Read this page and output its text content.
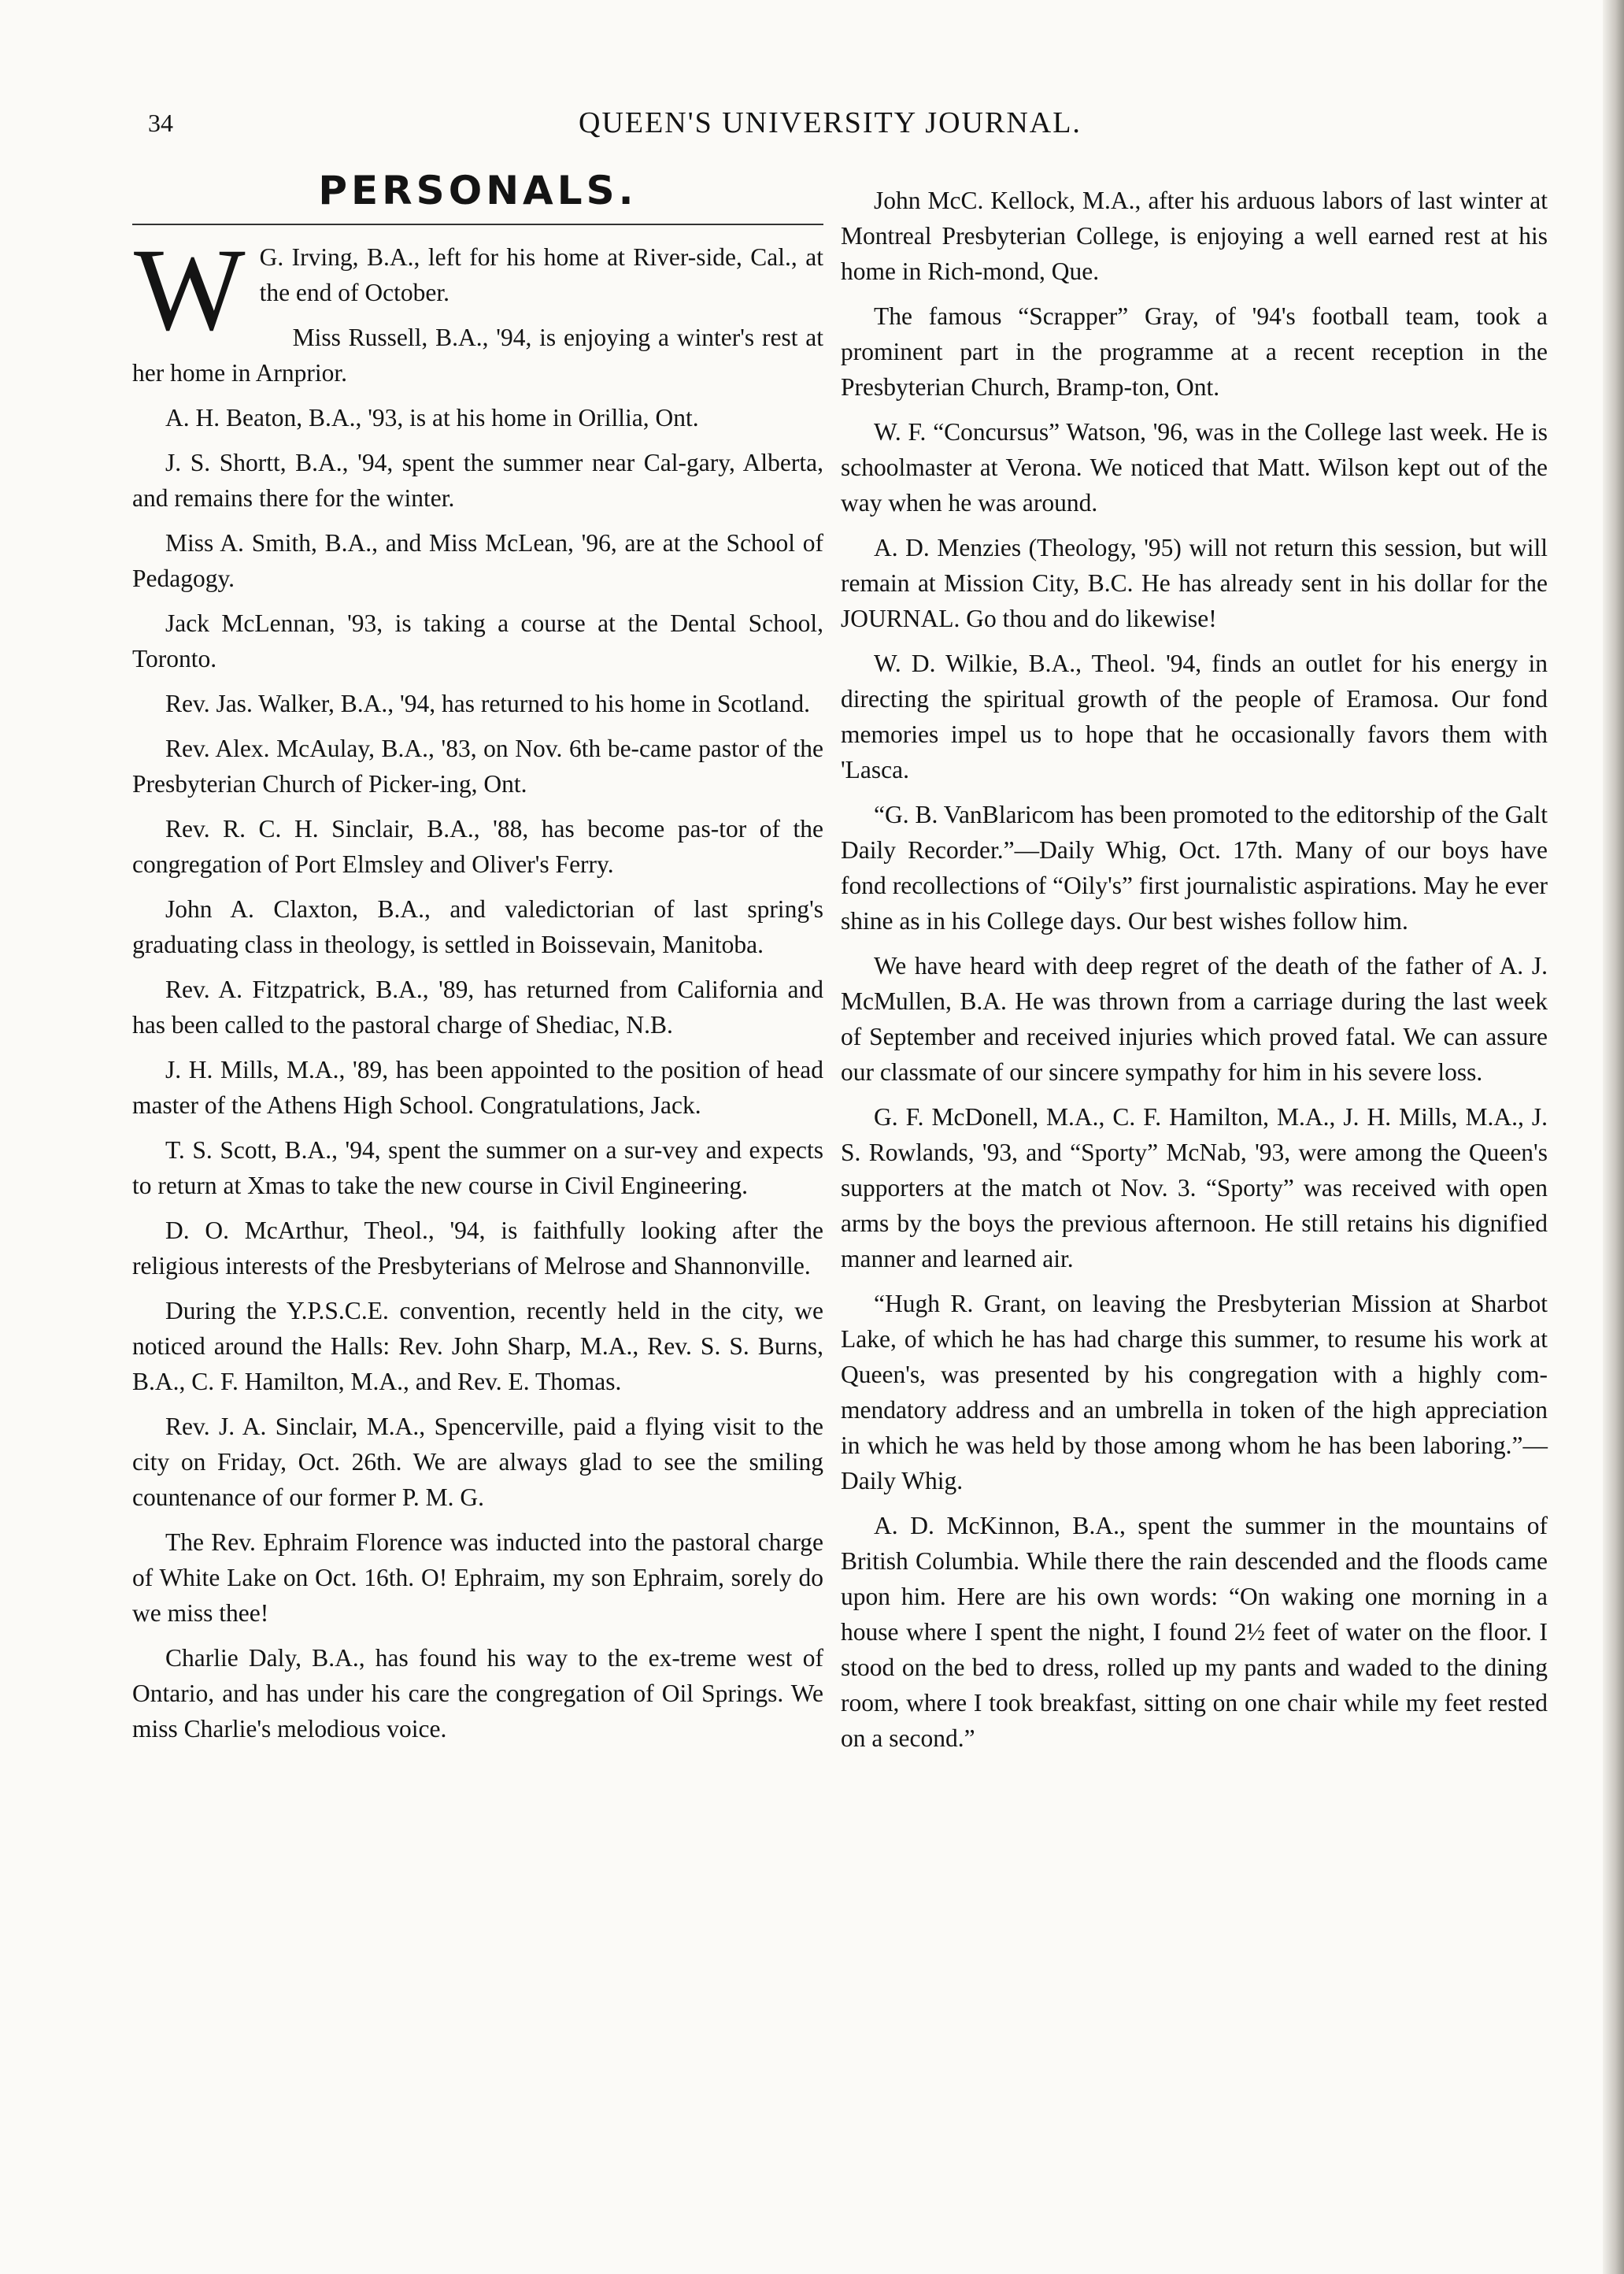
34	QUEEN'S UNIVERSITY JOURNAL.
PERSONALS.

W G. Irving, B.A., left for his home at River-side, Cal., at the end of October.

Miss Russell, B.A., '94, is enjoying a winter's rest at her home in Arnprior.

A. H. Beaton, B.A., '93, is at his home in Orillia, Ont.

J. S. Shortt, B.A., '94, spent the summer near Cal-gary, Alberta, and remains there for the winter.

Miss A. Smith, B.A., and Miss McLean, '96, are at the School of Pedagogy.

Jack McLennan, '93, is taking a course at the Dental School, Toronto.

Rev. Jas. Walker, B.A., '94, has returned to his home in Scotland.

Rev. Alex. McAulay, B.A., '83, on Nov. 6th be-came pastor of the Presbyterian Church of Picker-ing, Ont.

Rev. R. C. H. Sinclair, B.A., '88, has become pas-tor of the congregation of Port Elmsley and Oliver's Ferry.

John A. Claxton, B.A., and valedictorian of last spring's graduating class in theology, is settled in Boissevain, Manitoba.

Rev. A. Fitzpatrick, B.A., '89, has returned from California and has been called to the pastoral charge of Shediac, N.B.

J. H. Mills, M.A., '89, has been appointed to the position of head master of the Athens High School. Congratulations, Jack.

T. S. Scott, B.A., '94, spent the summer on a sur-vey and expects to return at Xmas to take the new course in Civil Engineering.

D. O. McArthur, Theol., '94, is faithfully looking after the religious interests of the Presbyterians of Melrose and Shannonville.

During the Y.P.S.C.E. convention, recently held in the city, we noticed around the Halls: Rev. John Sharp, M.A., Rev. S. S. Burns, B.A., C. F. Hamilton, M.A., and Rev. E. Thomas.

Rev. J. A. Sinclair, M.A., Spencerville, paid a flying visit to the city on Friday, Oct. 26th. We are always glad to see the smiling countenance of our former P. M. G.

The Rev. Ephraim Florence was inducted into the pastoral charge of White Lake on Oct. 16th. O! Ephraim, my son Ephraim, sorely do we miss thee!

Charlie Daly, B.A., has found his way to the ex-treme west of Ontario, and has under his care the congregation of Oil Springs. We miss Charlie's melodious voice.

John McC. Kellock, M.A., after his arduous labors of last winter at Montreal Presbyterian College, is enjoying a well earned rest at his home in Rich-mond, Que.

The famous “Scrapper” Gray, of '94's football team, took a prominent part in the programme at a recent reception in the Presbyterian Church, Bramp-ton, Ont.

W. F. “Concursus” Watson, '96, was in the College last week. He is schoolmaster at Verona. We noticed that Matt. Wilson kept out of the way when he was around.

A. D. Menzies (Theology, '95) will not return this session, but will remain at Mission City, B.C. He has already sent in his dollar for the JOURNAL. Go thou and do likewise!

W. D. Wilkie, B.A., Theol. '94, finds an outlet for his energy in directing the spiritual growth of the people of Eramosa. Our fond memories impel us to hope that he occasionally favors them with 'Lasca.

“G. B. VanBlaricom has been promoted to the editorship of the Galt Daily Recorder.”—Daily Whig, Oct. 17th. Many of our boys have fond recollections of “Oily's” first journalistic aspirations. May he ever shine as in his College days. Our best wishes follow him.

We have heard with deep regret of the death of the father of A. J. McMullen, B.A. He was thrown from a carriage during the last week of September and received injuries which proved fatal. We can assure our classmate of our sincere sympathy for him in his severe loss.

G. F. McDonell, M.A., C. F. Hamilton, M.A., J. H. Mills, M.A., J. S. Rowlands, '93, and “Sporty” McNab, '93, were among the Queen's supporters at the match ot Nov. 3. “Sporty” was received with open arms by the boys the previous afternoon. He still retains his dignified manner and learned air.

“Hugh R. Grant, on leaving the Presbyterian Mission at Sharbot Lake, of which he has had charge this summer, to resume his work at Queen's, was presented by his congregation with a highly com-mendatory address and an umbrella in token of the high appreciation in which he was held by those among whom he has been laboring.”—Daily Whig.

A. D. McKinnon, B.A., spent the summer in the mountains of British Columbia. While there the rain descended and the floods came upon him. Here are his own words: “On waking one morning in a house where I spent the night, I found 2½ feet of water on the floor. I stood on the bed to dress, rolled up my pants and waded to the dining room, where I took breakfast, sitting on one chair while my feet rested on a second.”
